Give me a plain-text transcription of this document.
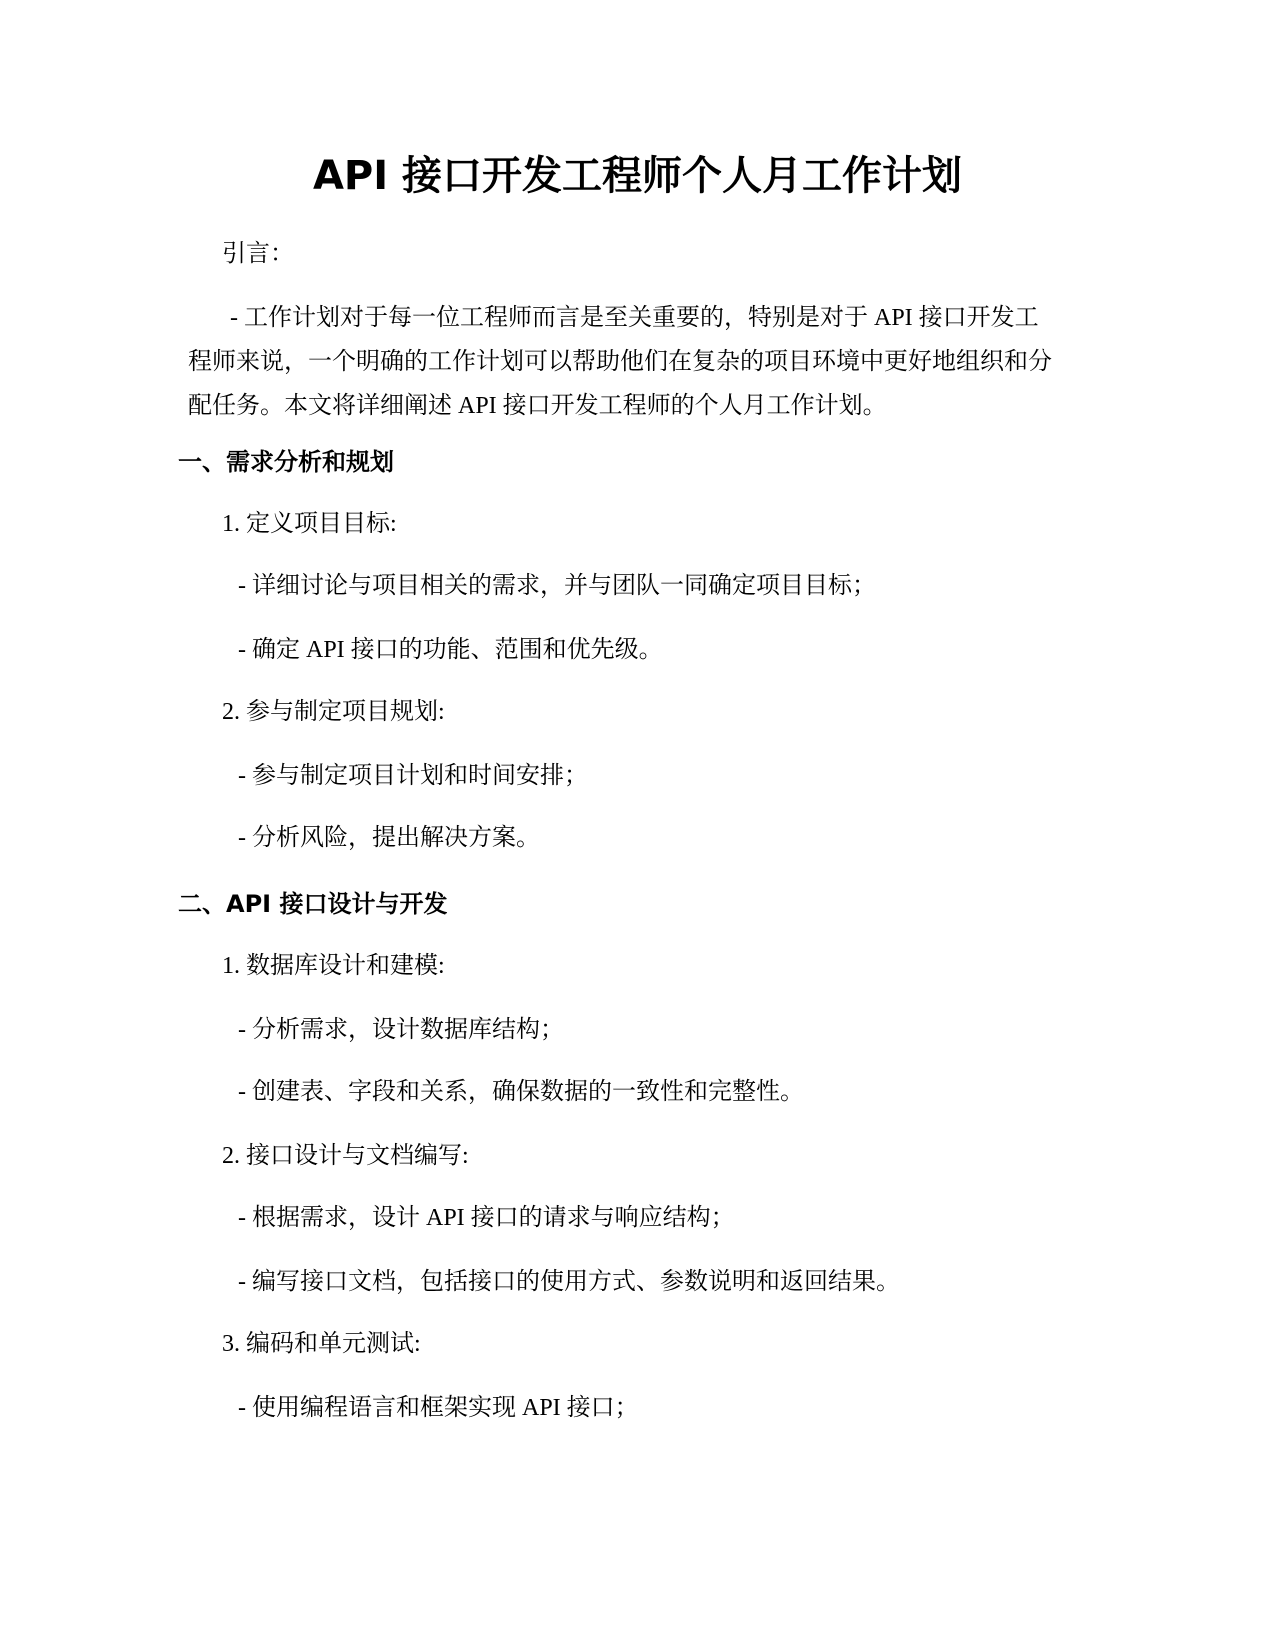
API 接口开发工程师个人月工作计划

引言：

- 工作计划对于每一位工程师而言是至关重要的，特别是对于 API 接口开发工
程师来说，一个明确的工作计划可以帮助他们在复杂的项目环境中更好地组织和分
配任务。本文将详细阐述 API 接口开发工程师的个人月工作计划。
一、需求分析和规划

1. 定义项目目标:

- 详细讨论与项目相关的需求，并与团队一同确定项目目标；

- 确定 API 接口的功能、范围和优先级。

2. 参与制定项目规划:

- 参与制定项目计划和时间安排；

- 分析风险，提出解决方案。

二、API 接口设计与开发

1. 数据库设计和建模:

- 分析需求，设计数据库结构；

- 创建表、字段和关系，确保数据的一致性和完整性。

2. 接口设计与文档编写:

- 根据需求，设计 API 接口的请求与响应结构；

- 编写接口文档，包括接口的使用方式、参数说明和返回结果。

3. 编码和单元测试:

- 使用编程语言和框架实现 API 接口；
